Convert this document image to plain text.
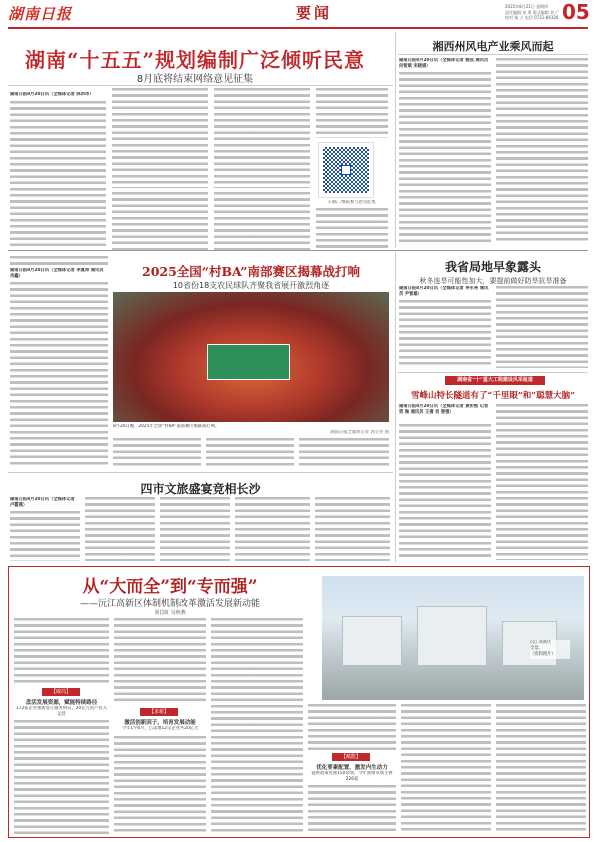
湖南日报	要闻	2025年8月21日 星期四
责任编辑 刘 勇 版式编辑 刘 广
校对 杨 立 电话 0731-84326 05
湖南“十五五”规划编制广泛倾听民意
8月底将结束网络意见征集
湖南日报8月20日讯（全媒体记者 陈昂昂）
扫描二维码参与意见征集
湘西州风电产业乘风而起
湖南日报8月20日讯（全媒体记者 姚弦 通讯员 向智斌 宋晓娟）
湖南日报8月20日讯（全媒体记者 李夏涛 通讯员 肖鑫）	2025全国“村BA”南部赛区揭幕战打响
10省份18支农民球队齐聚我省展开激烈角逐
8月20日晚，2025年全国“村BA”南部赛区揭幕战打响。
湖南日报全媒体记者 郭立亮 摄
我省局地早象露头
秋冬连旱可能性加大，要提前做好防旱抗旱准备
湖南日报8月20日讯（全媒体记者 李永亮 通讯员 尹智雄）
湖南省“十”重大工程建设风采报道
雪峰山特长隧道有了“千里眼”和“聪慧大脑”
湖南日报8月20日讯（全媒体记者 黄祈熙 记者 贺 淘 通讯员 王倩 刘 智强）
四市文旅盛宴竞相长沙
湖南日报8月20日讯（全媒体记者 卢霞燕）
从“大而全”到“专而强”
——沅江高新区体制机制改革激活发展新动能
刘昌虹 吴秋燕
【破局】
盘活发展资源，赋能特续路径
172家企业重新签订服务协议，20亿元资产投入运营	【求新】
激活创新因子，培育发展动能
今年1至6月，已落地12宗企业共20亿元
沅江高新区
全景。
（资料图片）
【赋能】
优化要素配置，激发内生动力
提供政策优惠150余项，今年新增市场主体226家
